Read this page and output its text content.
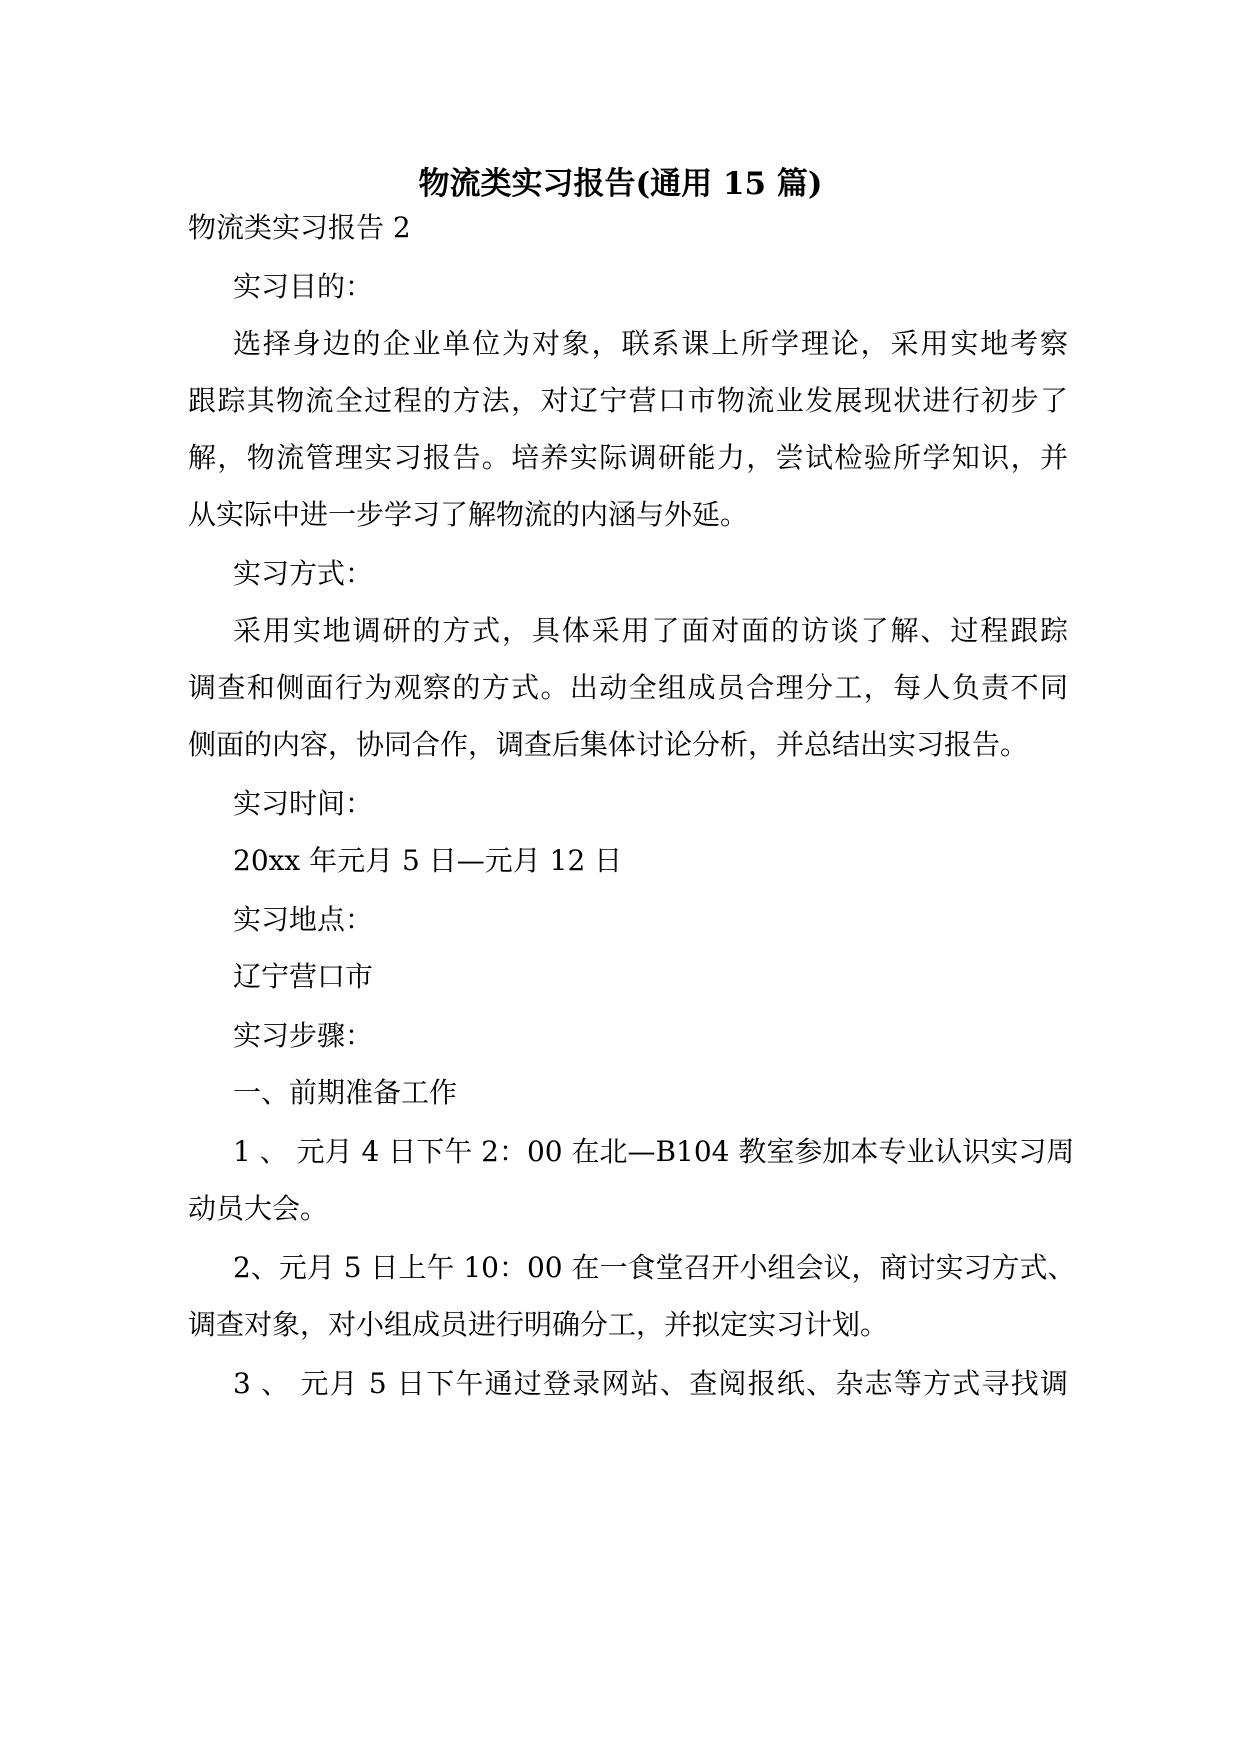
物流类实习报告(通用 15 篇)

物流类实习报告 2

实习目的：

选择身边的企业单位为对象，联系课上所学理论，采用实地考察

跟踪其物流全过程的方法，对辽宁营口市物流业发展现状进行初步了

解，物流管理实习报告。培养实际调研能力，尝试检验所学知识，并

从实际中进一步学习了解物流的内涵与外延。

实习方式：

采用实地调研的方式，具体采用了面对面的访谈了解、过程跟踪

调查和侧面行为观察的方式。出动全组成员合理分工，每人负责不同

侧面的内容，协同合作，调查后集体讨论分析，并总结出实习报告。

实习时间：

20xx 年元月 5 日—元月 12 日

实习地点：

辽宁营口市

实习步骤：

一、前期准备工作

1 、 元月 4 日下午 2：00 在北—B104 教室参加本专业认识实习周

动员大会。

2、元月 5 日上午 10：00 在一食堂召开小组会议，商讨实习方式、

调查对象，对小组成员进行明确分工，并拟定实习计划。

3 、 元月 5 日下午通过登录网站、查阅报纸、杂志等方式寻找调
